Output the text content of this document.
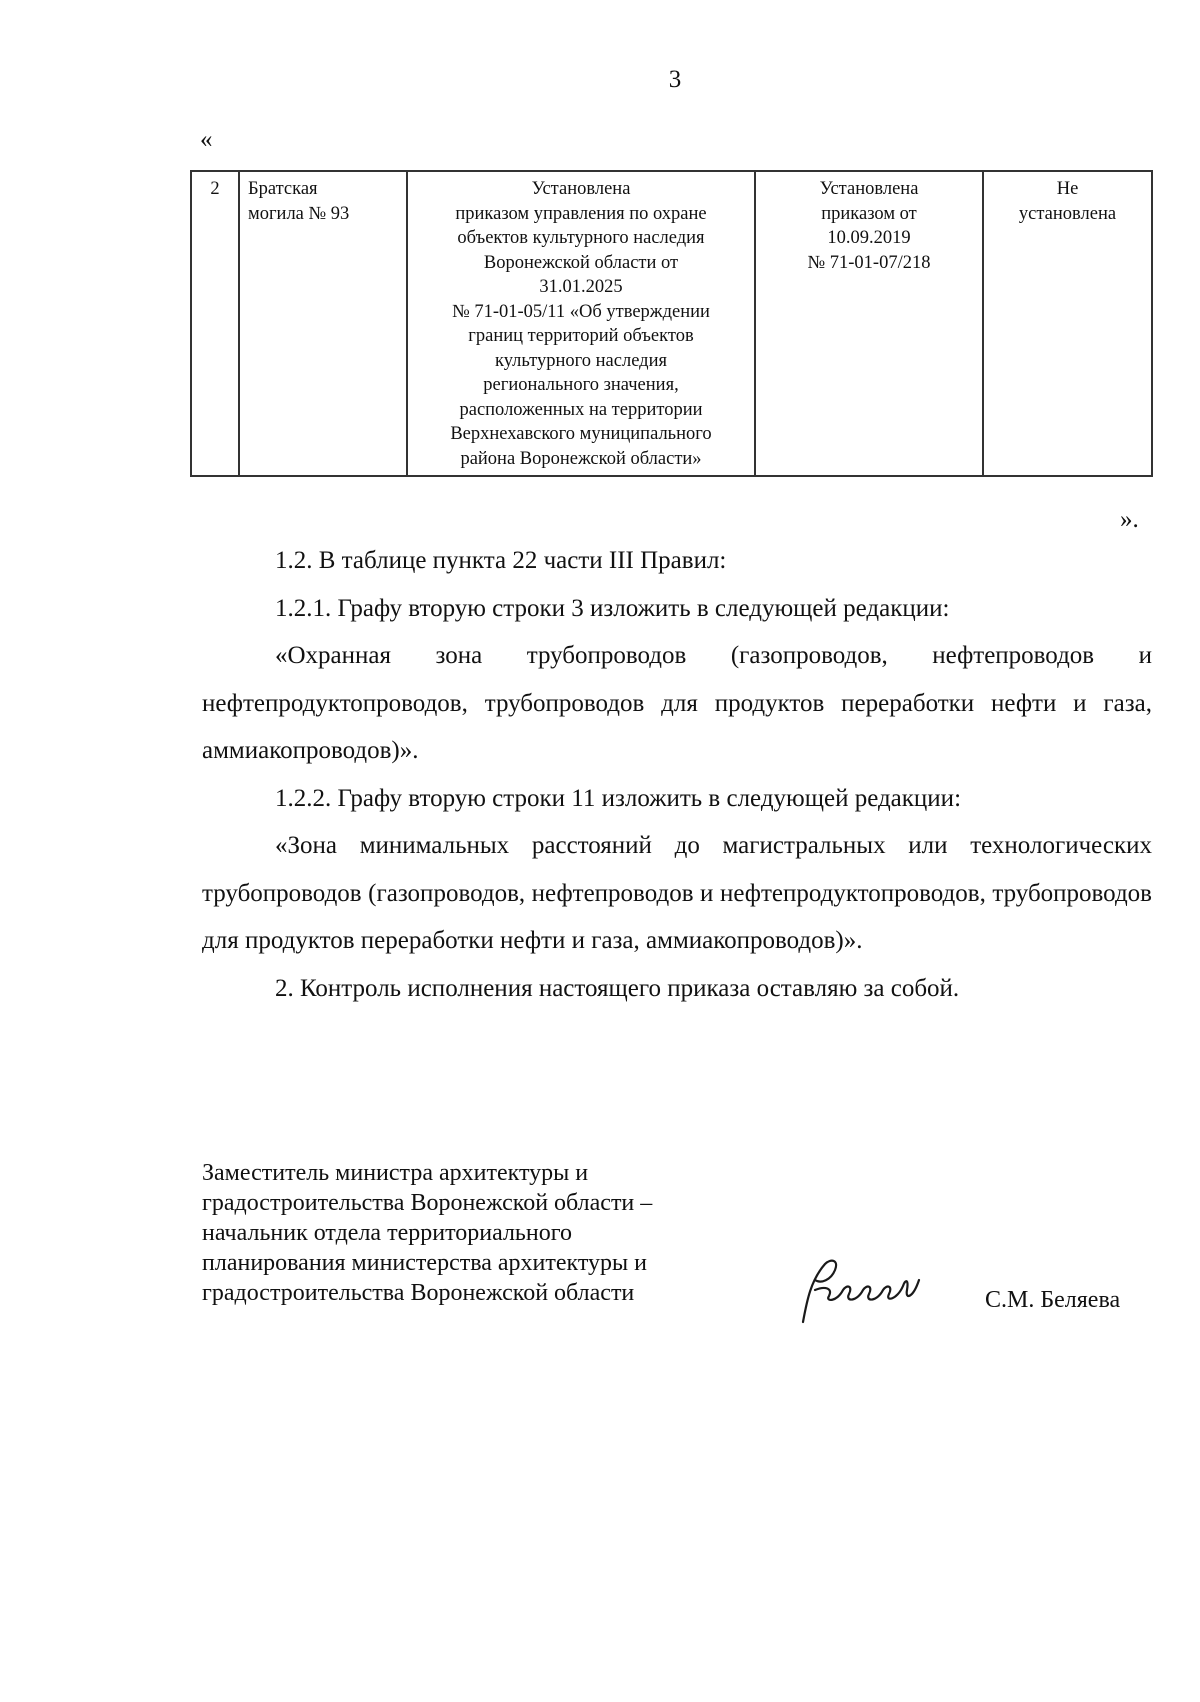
3
«
2	Братская
могила № 93	Установлена
приказом управления по охране
объектов культурного наследия
Воронежской области от
31.01.2025
№ 71-01-05/11 «Об утверждении
границ территорий объектов
культурного наследия
регионального значения,
расположенных на территории
Верхнехавского муниципального
района Воронежской области»	Установлена
приказом от
10.09.2019
№ 71-01-07/218	Не
установлена
».

1.2. В таблице пункта 22 части III Правил:

1.2.1. Графу вторую строки 3 изложить в следующей редакции:

«Охранная зона трубопроводов (газопроводов, нефтепроводов и нефтепродуктопроводов, трубопроводов для продуктов переработки нефти и газа, аммиакопроводов)».

1.2.2. Графу вторую строки 11 изложить в следующей редакции:

«Зона минимальных расстояний до магистральных или технологических трубопроводов (газопроводов, нефтепроводов и нефтепродуктопроводов, трубопроводов для продуктов переработки нефти и газа, аммиакопроводов)».

2. Контроль исполнения настоящего приказа оставляю за собой.

Заместитель министра архитектуры и
градостроительства Воронежской области –
начальник отдела территориального
планирования министерства архитектуры и
градостроительства Воронежской области	С.М. Беляева
